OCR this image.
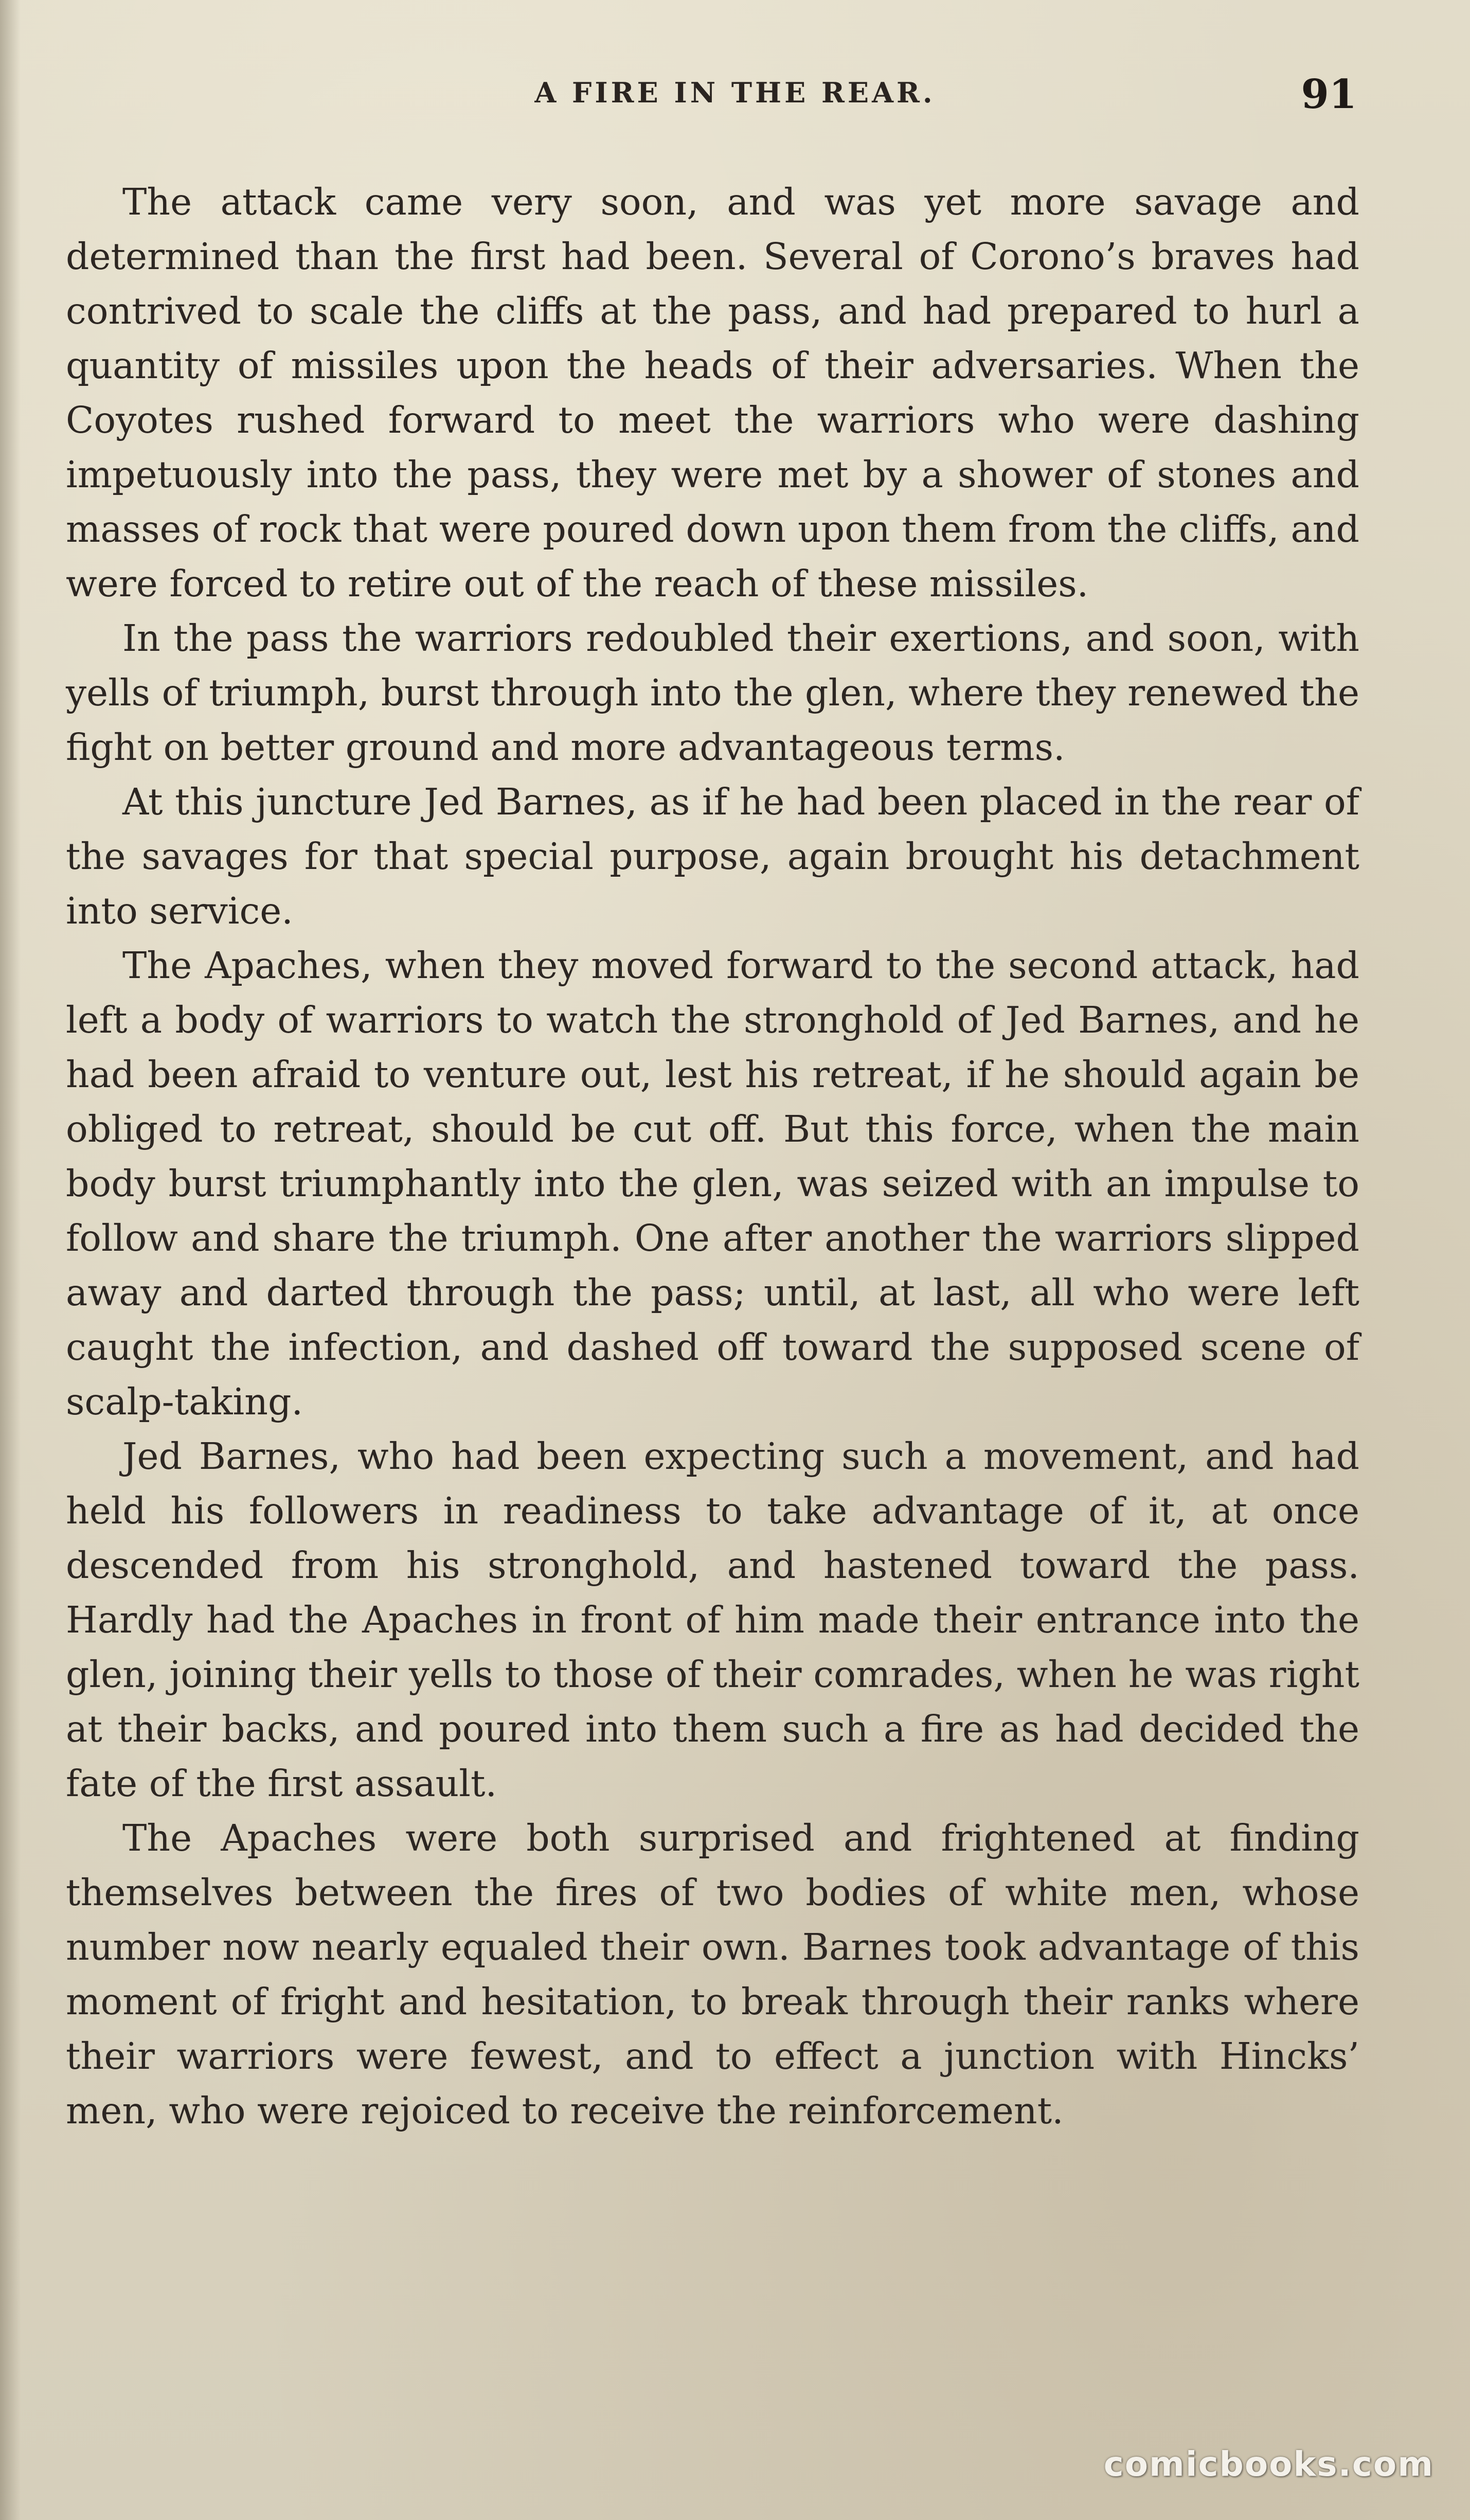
A FIRE IN THE REAR.	91

The attack came very soon, and was yet more savage and determined than the first had been. Several of Corono’s braves had contrived to scale the cliffs at the pass, and had prepared to hurl a quantity of missiles upon the heads of their adversaries. When the Coyotes rushed forward to meet the warriors who were dashing impetuously into the pass, they were met by a shower of stones and masses of rock that were poured down upon them from the cliffs, and were forced to retire out of the reach of these missiles.

In the pass the warriors redoubled their exertions, and soon, with yells of triumph, burst through into the glen, where they renewed the fight on better ground and more advantageous terms.

At this juncture Jed Barnes, as if he had been placed in the rear of the savages for that special purpose, again brought his detachment into service.

The Apaches, when they moved forward to the second attack, had left a body of warriors to watch the stronghold of Jed Barnes, and he had been afraid to venture out, lest his retreat, if he should again be obliged to retreat, should be cut off. But this force, when the main body burst triumphantly into the glen, was seized with an impulse to follow and share the triumph. One after another the warriors slipped away and darted through the pass; until, at last, all who were left caught the infection, and dashed off toward the supposed scene of scalp-taking.

Jed Barnes, who had been expecting such a movement, and had held his followers in readiness to take advantage of it, at once descended from his stronghold, and hastened toward the pass. Hardly had the Apaches in front of him made their entrance into the glen, joining their yells to those of their comrades, when he was right at their backs, and poured into them such a fire as had decided the fate of the first assault.

The Apaches were both surprised and frightened at finding themselves between the fires of two bodies of white men, whose number now nearly equaled their own. Barnes took advantage of this moment of fright and hesitation, to break through their ranks where their warriors were fewest, and to effect a junction with Hincks’ men, who were rejoiced to receive the reinforcement.

comicbooks.com
